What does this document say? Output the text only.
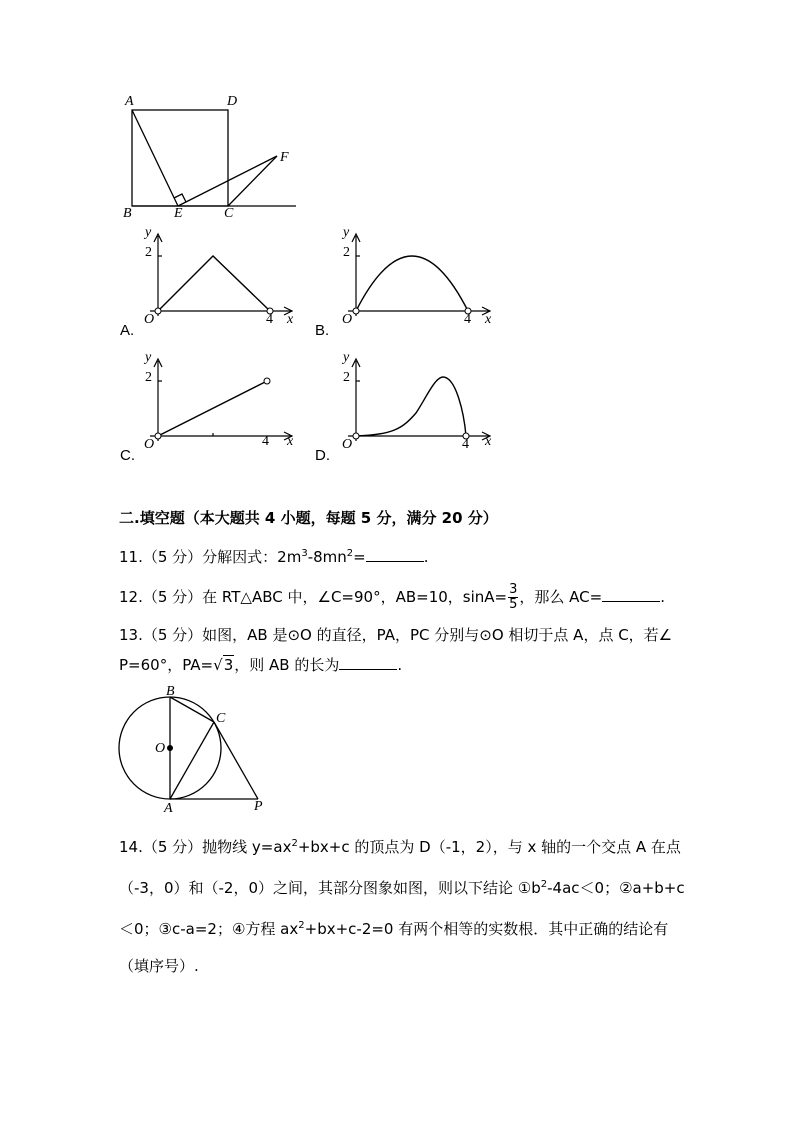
A	D
B	E	C
F
A.
y
2
O	4 x
B.
y
2
O	4 x
C.
y
2
O	4 x
D.
y
2
O	4 x
二.填空题（本大题共 4 小题，每题 5 分，满分 20 分）
11.（5 分）分解因式：$2m^3-8mn^2=$	.
12.（5 分）在 RT△ABC 中，∠C=90°，AB=10，$\sin A= \frac{3}{5}$ ，那么 AC=	.
13.（5 分）如图，AB 是⊙O 的直径，PA，PC 分别与⊙O 相切于点 A，点 C，若∠
P=60°，PA=√3，则 AB 的长为	.
B
C
O
A	P
14.（5 分）抛物线 $y=ax^2+bx+c$ 的顶点为 D（-1，2），与 x 轴的一个交点 A 在点
（-3，0）和（-2，0）之间，其部分图象如图，则以下结论 $①b^2-4ac<0$；②a+b+c
＜0；③c-a=2；④方程 $ax^2+bx+c-2=0$ 有两个相等的实数根．其中正确的结论有
（填序号）.
